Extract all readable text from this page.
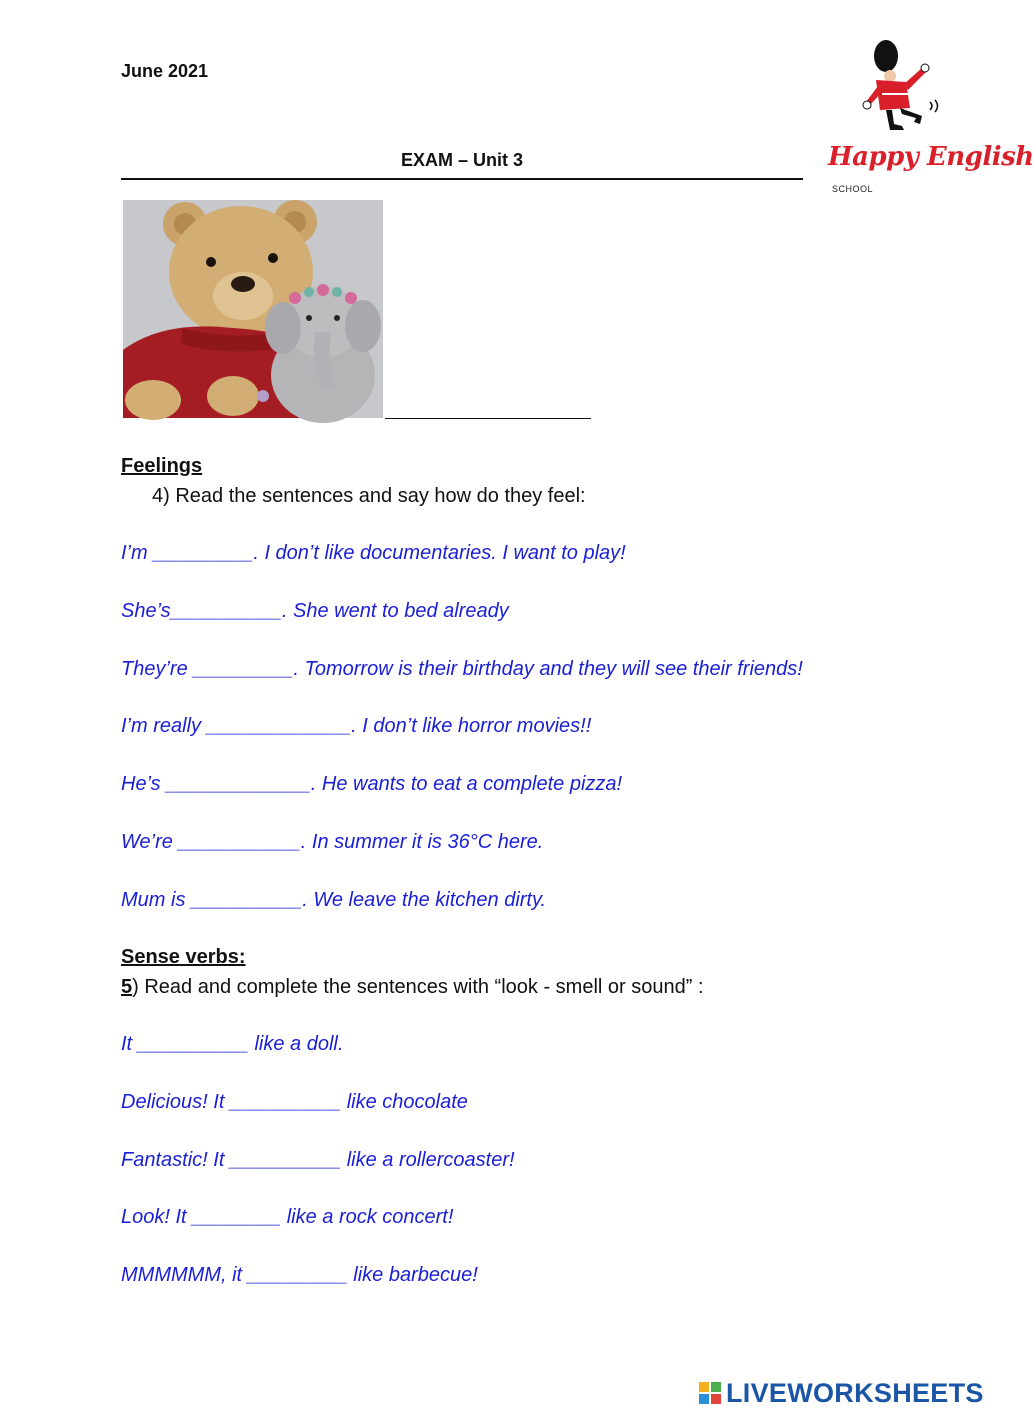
June 2021
EXAM – Unit 3	Happy English
SCHOOL
Feelings
4) Read the sentences and say how do they feel:
I’m _________. I don’t like documentaries. I want to play!
She’s__________. She went to bed already
They’re _________. Tomorrow is their birthday and they will see their friends!
I’m really _____________. I don’t like horror movies!!
He’s _____________. He wants to eat a complete pizza!
We’re ___________. In summer it is 36°C here.
Mum is __________. We leave the kitchen dirty.
Sense verbs:
5) Read and complete the sentences with “look - smell or sound” :
It __________ like a doll.
Delicious! It __________ like chocolate
Fantastic! It __________ like a rollercoaster!
Look! It ________ like a rock concert!
MMMMMM, it _________ like barbecue!
LIVEWORKSHEETS
